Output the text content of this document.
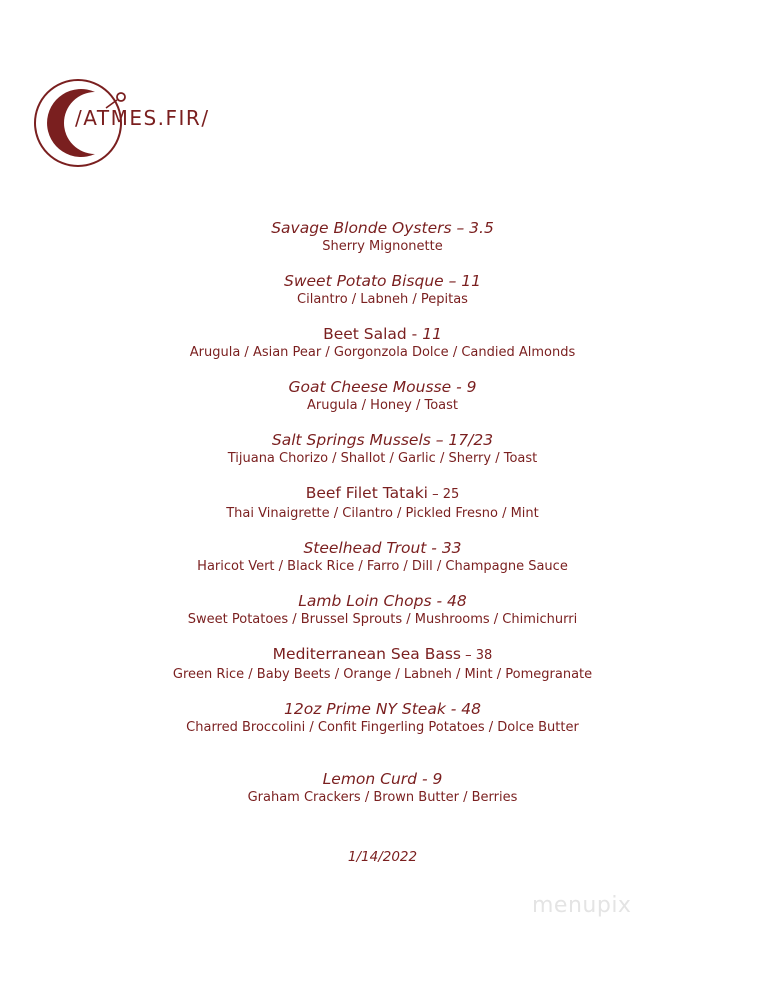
/ATMES.FIR/
Savage Blonde Oysters – 3.5
Sherry Mignonette
Sweet Potato Bisque – 11
Cilantro / Labneh / Pepitas
Beet Salad - 11
Arugula / Asian Pear / Gorgonzola Dolce / Candied Almonds
Goat Cheese Mousse - 9
Arugula / Honey / Toast
Salt Springs Mussels – 17/23
Tijuana Chorizo / Shallot / Garlic / Sherry / Toast
Beef Filet Tataki – 25
Thai Vinaigrette / Cilantro / Pickled Fresno / Mint
Steelhead Trout - 33
Haricot Vert / Black Rice / Farro / Dill / Champagne Sauce
Lamb Loin Chops - 48
Sweet Potatoes / Brussel Sprouts / Mushrooms / Chimichurri
Mediterranean Sea Bass – 38
Green Rice / Baby Beets / Orange / Labneh / Mint / Pomegranate
12oz Prime NY Steak - 48
Charred Broccolini / Confit Fingerling Potatoes / Dolce Butter
Lemon Curd - 9
Graham Crackers / Brown Butter / Berries
1/14/2022
menupix
